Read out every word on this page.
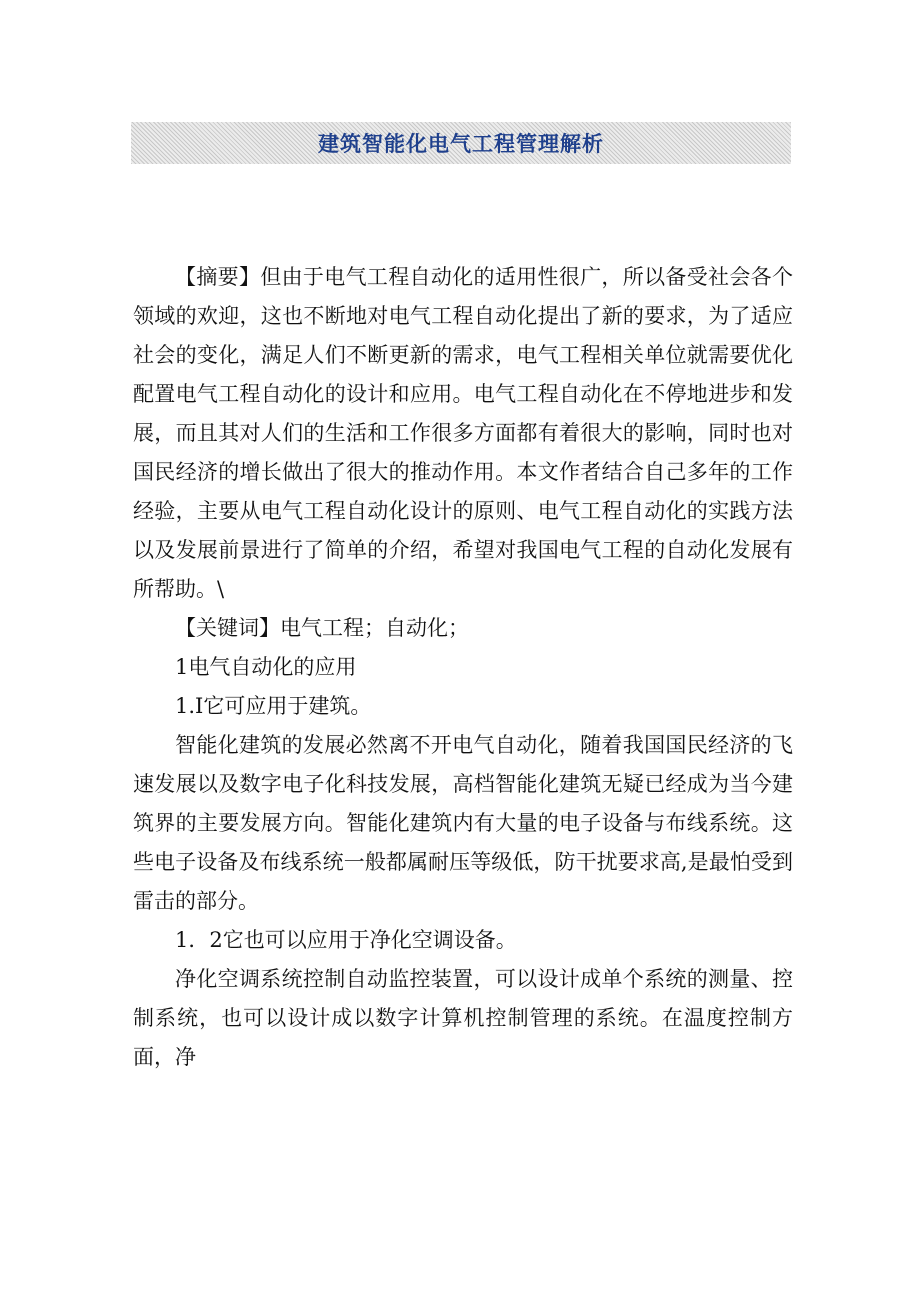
建筑智能化电气工程管理解析

【摘要】但由于电气工程自动化的适用性很广，所以备受社会各个领域的欢迎，这也不断地对电气工程自动化提出了新的要求，为了适应社会的变化，满足人们不断更新的需求，电气工程相关单位就需要优化配置电气工程自动化的设计和应用。电气工程自动化在不停地进步和发展，而且其对人们的生活和工作很多方面都有着很大的影响，同时也对国民经济的增长做出了很大的推动作用。本文作者结合自己多年的工作经验，主要从电气工程自动化设计的原则、电气工程自动化的实践方法以及发展前景进行了简单的介绍，希望对我国电气工程的自动化发展有所帮助。\

【关键词】电气工程；自动化；

1电气自动化的应用

1.I它可应用于建筑。

智能化建筑的发展必然离不开电气自动化，随着我国国民经济的飞速发展以及数字电子化科技发展，高档智能化建筑无疑已经成为当今建筑界的主要发展方向。智能化建筑内有大量的电子设备与布线系统。这些电子设备及布线系统一般都属耐压等级低，防干扰要求高,是最怕受到雷击的部分。

1．2它也可以应用于净化空调设备。

净化空调系统控制自动监控装置，可以设计成单个系统的测量、控制系统，也可以设计成以数字计算机控制管理的系统。在温度控制方面，净
